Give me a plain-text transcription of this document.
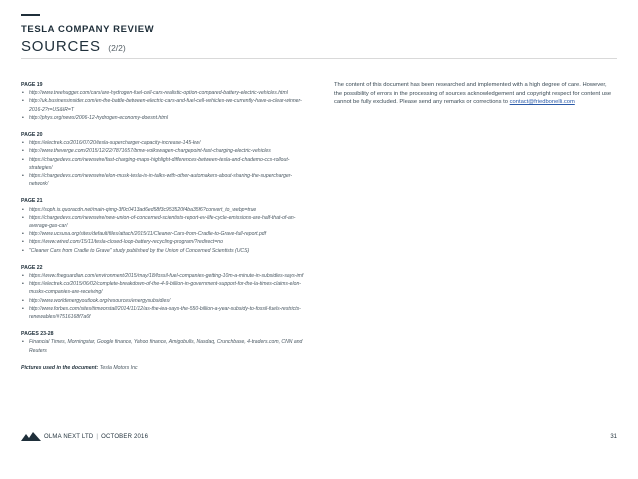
TESLA COMPANY REVIEW
SOURCES (2/2)
PAGE 19
• http://www.treehugger.com/cars/are-hydrogen-fuel-cell-cars-realistic-option-compared-battery-electric-vehicles.html
• http://uk.businessinsider.com/en-the-battle-between-electric-cars-and-fuel-cell-vehicles-we-currently-have-a-clear-winner-2016-2?r=US&IR=T
• http://phys.org/news/2006-12-hydrogen-economy-doesnt.html
PAGE 20
• https://electrek.co/2016/07/20/tesla-supercharger-capacity-increase-145-kw/
• http://www.theverge.com/2015/12/22/7871657/bmw-volkswagen-chargepoint-fast-charging-electric-vehicles
• https://chargedevs.com/newswire/fast-charging-maps-highlight-differences-between-tesla-and-chademo-ccs-rollout-strategies/
• https://chargedevs.com/newswire/elon-musk-tesla-is-in-talks-with-other-automakers-about-sharing-the-supercharger-network/
PAGE 21
• https://soph.is.quoracdn.net/main-qimg-3f0c0413ad6ed58f3c953520f4ba35f6?convert_to_webp=true
• https://chargedevs.com/newswire/new-union-of-concerned-scientists-report-ev-life-cycle-emissions-are-half-that-of-an-average-gas-car/
• http://www.ucsusa.org/sites/default/files/attach/2015/11/Cleaner-Cars-from-Cradle-to-Grave-full-report.pdf
• https://www.wired.com/15/11/tesla-closed-loop-battery-recycling-program/?redirect=no
• "Cleaner Cars from Cradle to Grave" study published by the Union of Concerned Scientists (UCS)
PAGE 22
• https://www.theguardian.com/environment/2015/may/18/fossil-fuel-companies-getting-10m-a-minute-in-subsidies-says-imf
• https://electrek.co/2015/06/02/complete-breakdown-of-the-4-9-billion-in-government-support-for-the-la-times-claims-elon-musks-companies-are-receiving/
• http://www.worldenergyoutlook.org/resources/energysubsidies/
• http://www.forbes.com/sites/timworstall/2014/11/12/as-the-iea-says-the-550-billion-a-year-subsidy-to-fossil-fuels-restricts-renewables/#7516168f7a6f
PAGES 23-28
• Financial Times, Morningstar, Google finance, Yahoo finance, Amigobulls, Nasdaq, Crunchbase, 4-traders.com, CNN and Reuters
Pictures used in the document: Tesla Motors Inc
The content of this document has been researched and implemented with a high degree of care. However, the possibility of errors in the processing of sources acknowledgement and copyright respect for content use cannot be fully excluded. Please send any remarks or corrections to contact@friedbonelli.com
OLMA NEXT LTD | OCTOBER 2016	31
